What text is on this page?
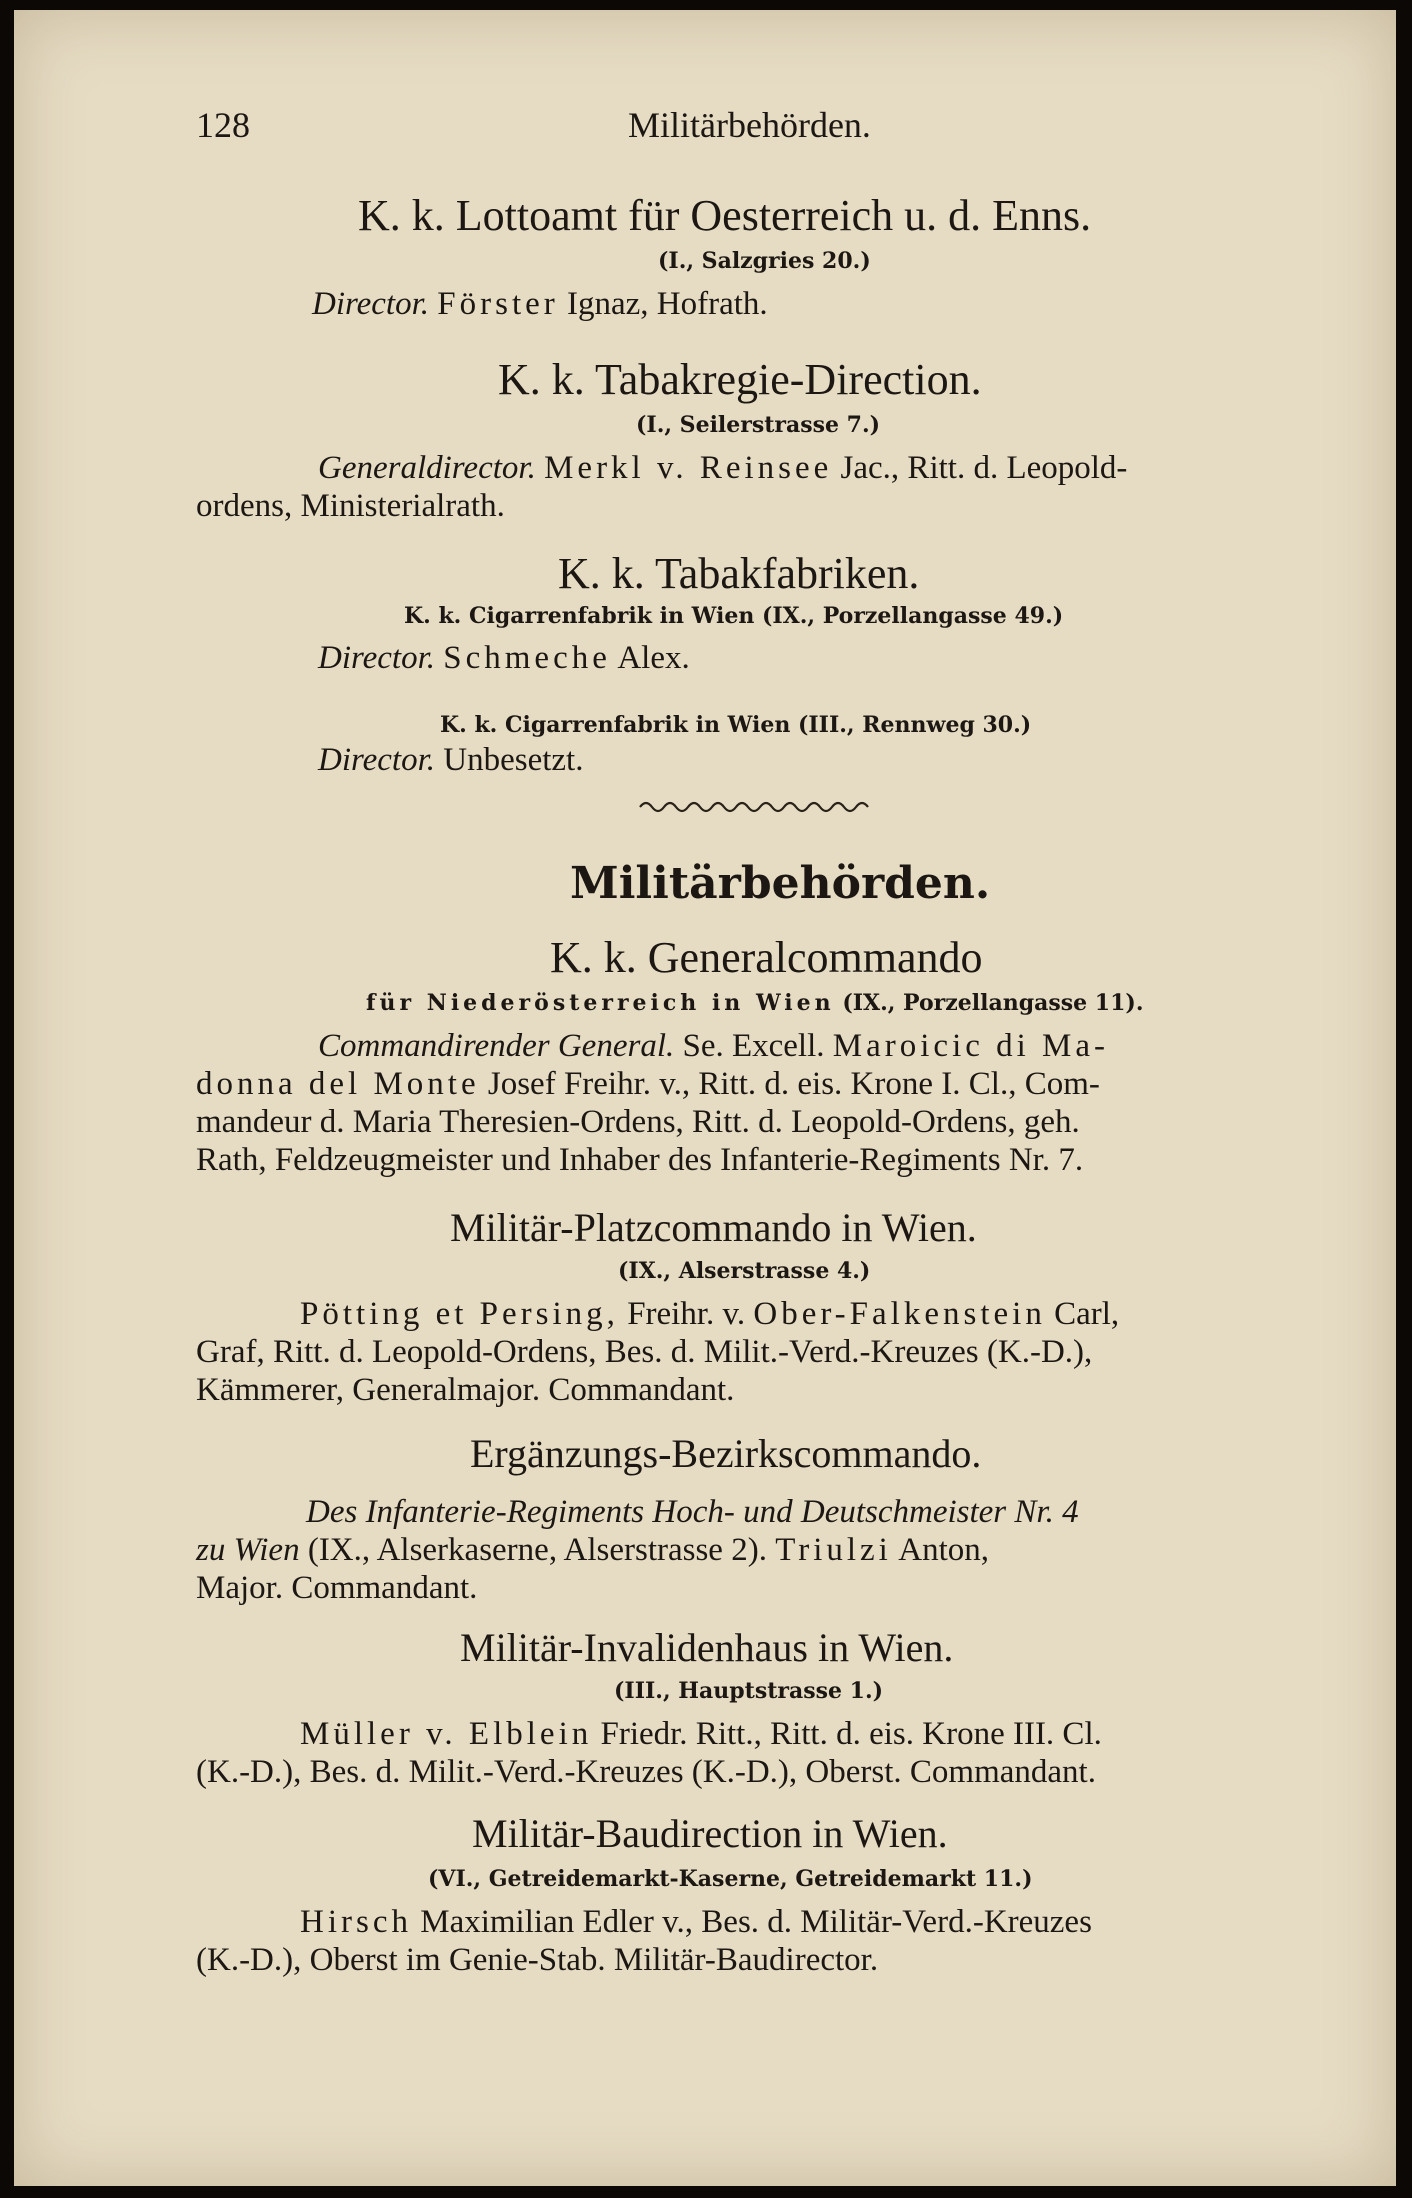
128	Militärbehörden.

K. k. Lottoamt für Oesterreich u. d. Enns.

(I., Salzgries 20.)

Director. Förster Ignaz, Hofrath.

K. k. Tabakregie-Direction.

(I., Seilerstrasse 7.)

Generaldirector. Merkl v. Reinsee Jac., Ritt. d. Leopold-

ordens, Ministerialrath.

K. k. Tabakfabriken.

K. k. Cigarrenfabrik in Wien (IX., Porzellangasse 49.)

Director. Schmeche Alex.

K. k. Cigarrenfabrik in Wien (III., Rennweg 30.)

Director. Unbesetzt.

Militärbehörden.

K. k. Generalcommando

für Niederösterreich in Wien (IX., Porzellangasse 11).

Commandirender General. Se. Excell. Maroicic di Ma-

donna del Monte Josef Freihr. v., Ritt. d. eis. Krone I. Cl., Com-

mandeur d. Maria Theresien-Ordens, Ritt. d. Leopold-Ordens, geh.

Rath, Feldzeugmeister und Inhaber des Infanterie-Regiments Nr. 7.

Militär-Platzcommando in Wien.

(IX., Alserstrasse 4.)

Pötting et Persing, Freihr. v. Ober-Falkenstein Carl,

Graf, Ritt. d. Leopold-Ordens, Bes. d. Milit.-Verd.-Kreuzes (K.-D.),

Kämmerer, Generalmajor. Commandant.

Ergänzungs-Bezirkscommando.

Des Infanterie-Regiments Hoch- und Deutschmeister Nr. 4

zu Wien (IX., Alserkaserne, Alserstrasse 2). Triulzi Anton,

Major. Commandant.

Militär-Invalidenhaus in Wien.

(III., Hauptstrasse 1.)

Müller v. Elblein Friedr. Ritt., Ritt. d. eis. Krone III. Cl.

(K.-D.), Bes. d. Milit.-Verd.-Kreuzes (K.-D.), Oberst. Commandant.

Militär-Baudirection in Wien.

(VI., Getreidemarkt-Kaserne, Getreidemarkt 11.)

Hirsch Maximilian Edler v., Bes. d. Militär-Verd.-Kreuzes

(K.-D.), Oberst im Genie-Stab. Militär-Baudirector.
